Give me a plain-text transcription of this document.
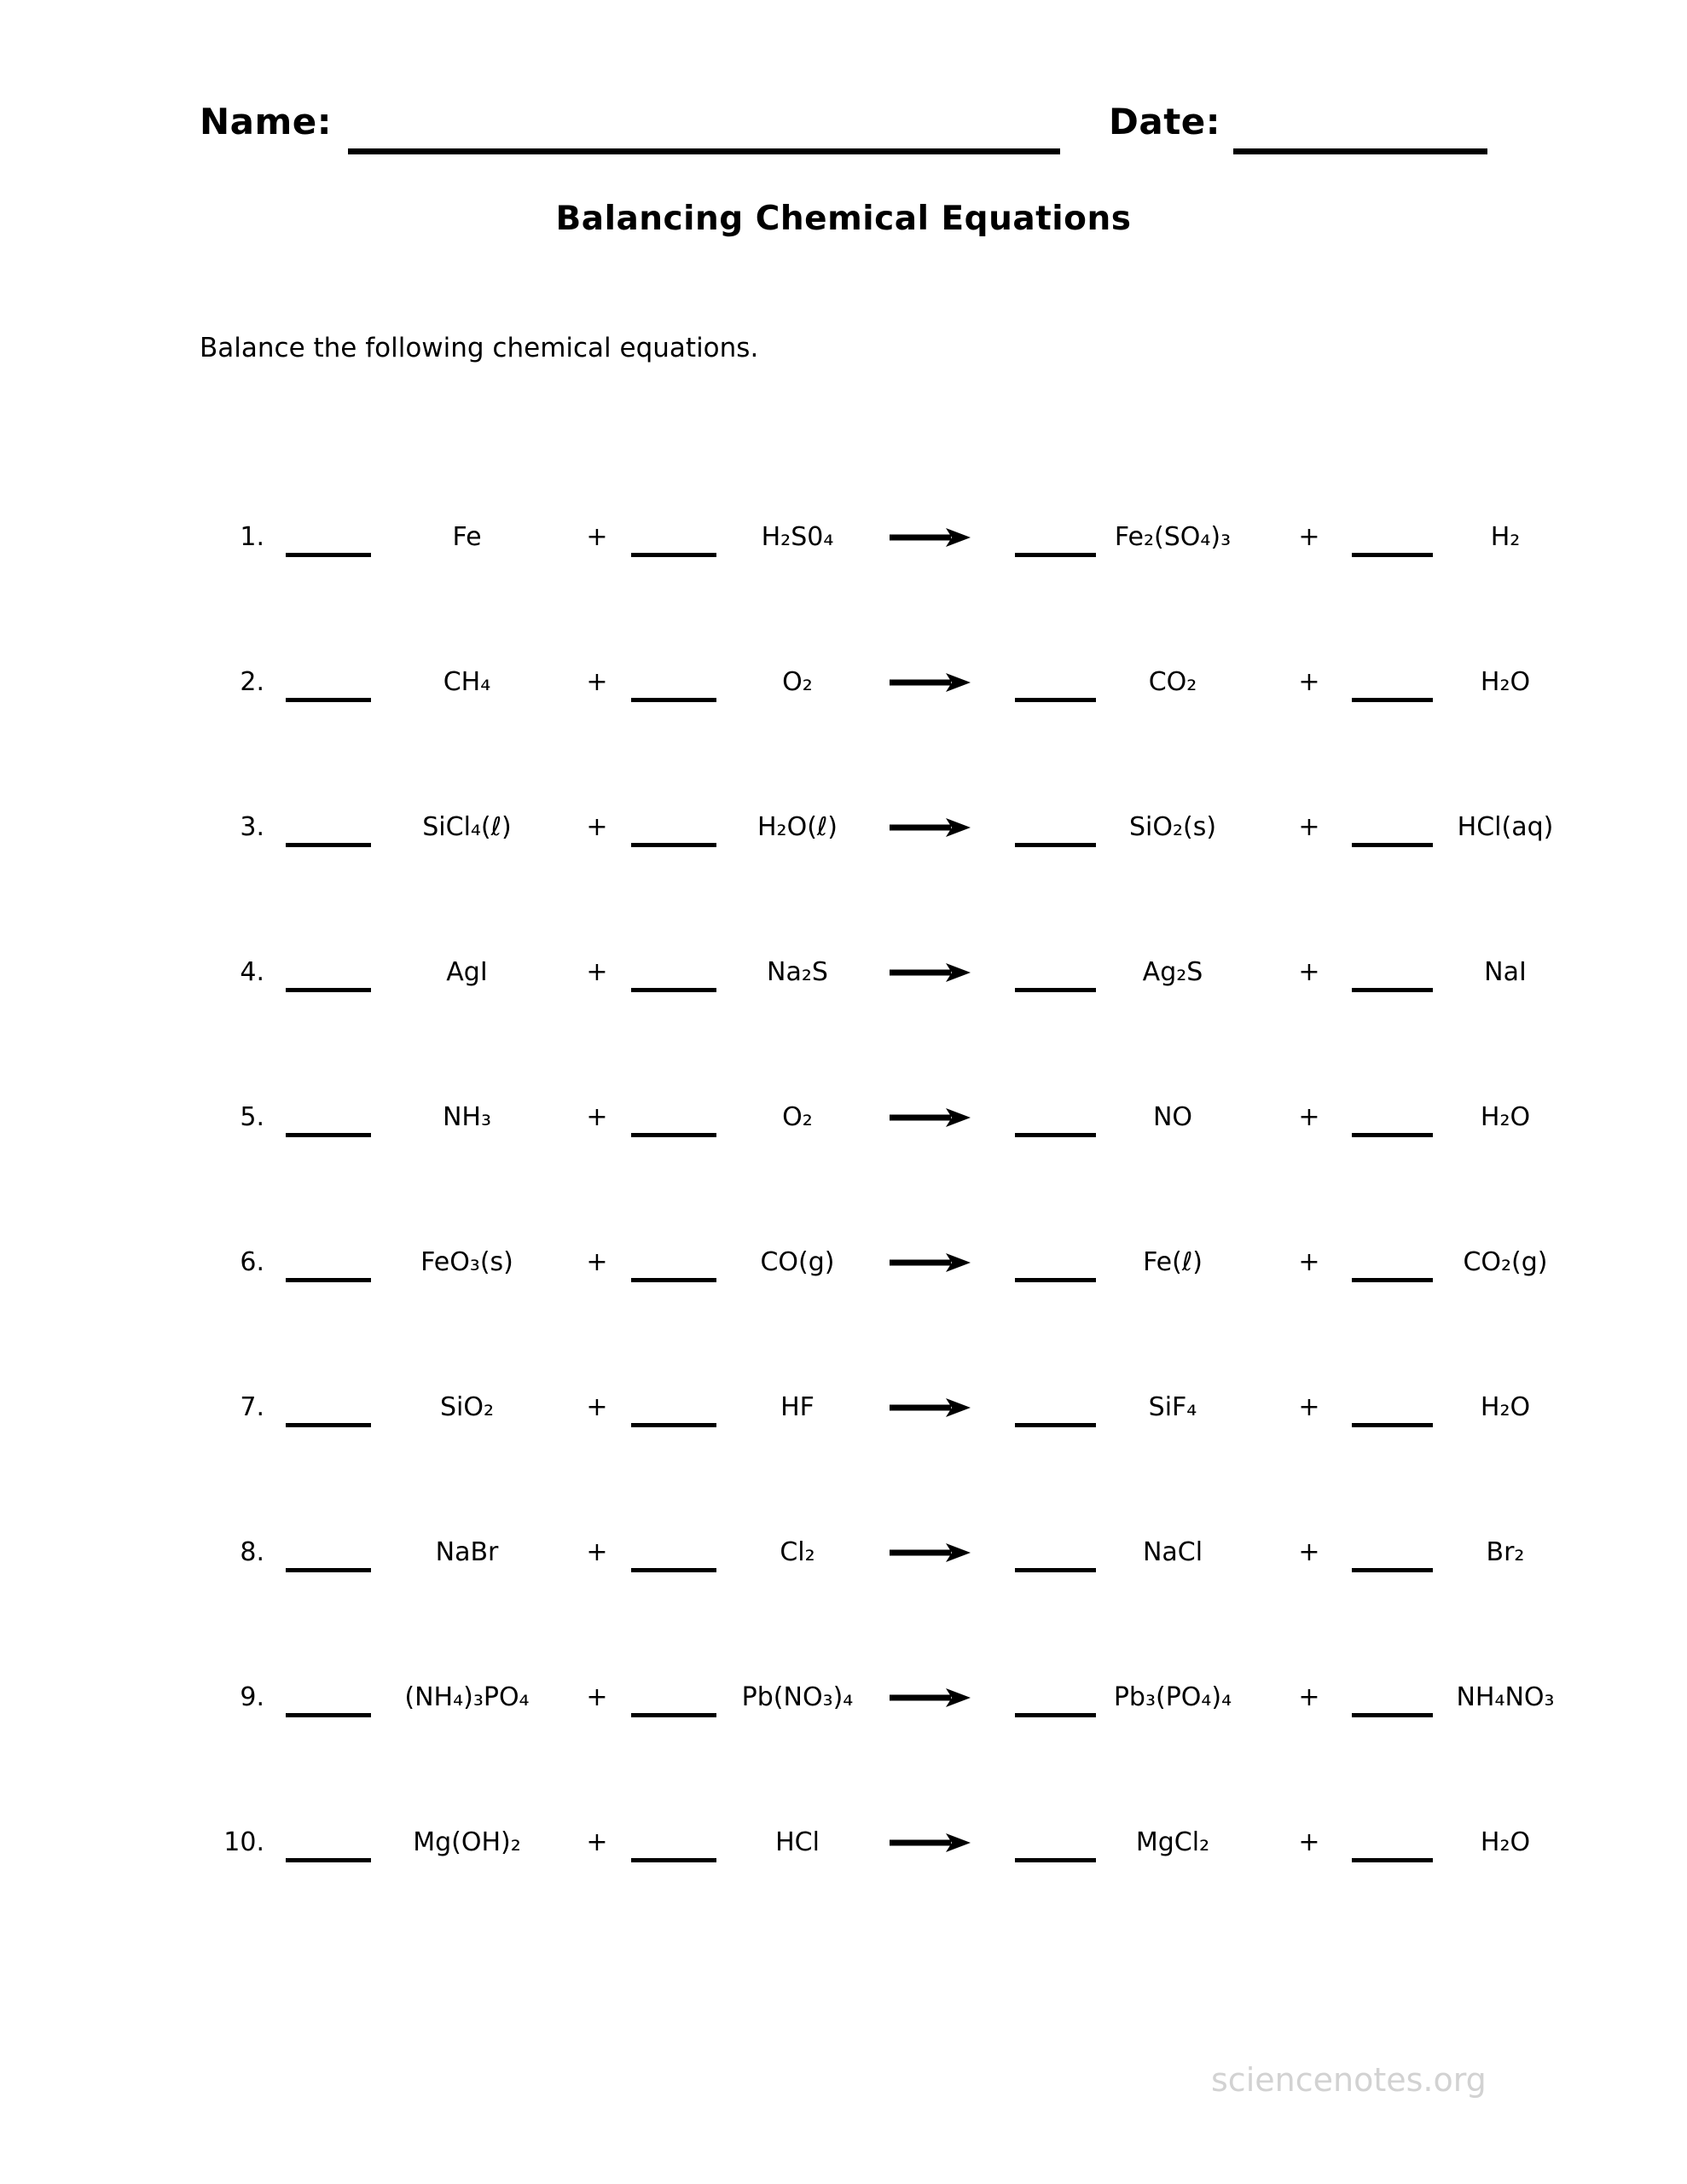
Name:	Date:
Balancing Chemical Equations
Balance the following chemical equations.
1.	Fe	+	H₂S0₄	Fe₂(SO₄)₃	+	H₂
2.	CH₄	+	O₂	CO₂	+	H₂O
3.	SiCl₄(ℓ)	+	H₂O(ℓ)	SiO₂(s)	+	HCl(aq)
4.	AgI	+	Na₂S	Ag₂S	+	NaI
5.	NH₃	+	O₂	NO	+	H₂O
6.	FeO₃(s)	+	CO(g)	Fe(ℓ)	+	CO₂(g)
7.	SiO₂	+	HF	SiF₄	+	H₂O
8.	NaBr	+	Cl₂	NaCl	+	Br₂
9.	(NH₄)₃PO₄	+	Pb(NO₃)₄ →	Pb₃(PO₄)₄	+	NH₄NO₃
10.	Mg(OH)₂	+	HCl	MgCl₂	+	H₂O
sciencenotes.org
